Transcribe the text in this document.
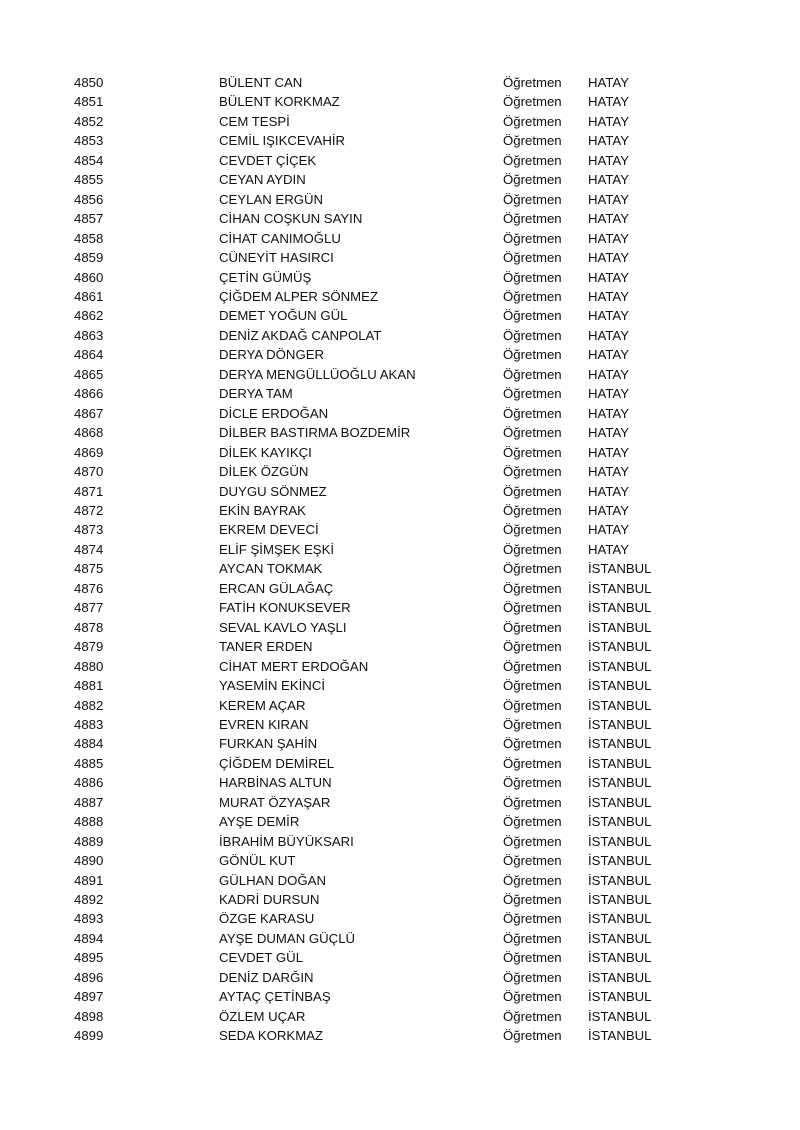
4850	BÜLENT CAN	Öğretmen	HATAY
4851	BÜLENT KORKMAZ	Öğretmen	HATAY
4852	CEM TESPİ	Öğretmen	HATAY
4853	CEMİL IŞIKCEVAHİR	Öğretmen	HATAY
4854	CEVDET ÇİÇEK	Öğretmen	HATAY
4855	CEYAN AYDIN	Öğretmen	HATAY
4856	CEYLAN ERGÜN	Öğretmen	HATAY
4857	CİHAN COŞKUN SAYIN	Öğretmen	HATAY
4858	CİHAT CANIMOĞLU	Öğretmen	HATAY
4859	CÜNEYİT HASIRCI	Öğretmen	HATAY
4860	ÇETİN GÜMÜŞ	Öğretmen	HATAY
4861	ÇİĞDEM ALPER SÖNMEZ	Öğretmen	HATAY
4862	DEMET YOĞUN GÜL	Öğretmen	HATAY
4863	DENİZ AKDAĞ CANPOLAT	Öğretmen	HATAY
4864	DERYA DÖNGER	Öğretmen	HATAY
4865	DERYA MENGÜLLÜOĞLU AKAN	Öğretmen	HATAY
4866	DERYA TAM	Öğretmen	HATAY
4867	DİCLE ERDOĞAN	Öğretmen	HATAY
4868	DİLBER BASTIRMA BOZDEMİR	Öğretmen	HATAY
4869	DİLEK KAYIKÇI	Öğretmen	HATAY
4870	DİLEK ÖZGÜN	Öğretmen	HATAY
4871	DUYGU SÖNMEZ	Öğretmen	HATAY
4872	EKİN BAYRAK	Öğretmen	HATAY
4873	EKREM DEVECİ	Öğretmen	HATAY
4874	ELİF ŞİMŞEK EŞKİ	Öğretmen	HATAY
4875	AYCAN TOKMAK	Öğretmen	İSTANBUL
4876	ERCAN GÜLAĞAÇ	Öğretmen	İSTANBUL
4877	FATİH KONUKSEVER	Öğretmen	İSTANBUL
4878	SEVAL KAVLO YAŞLI	Öğretmen	İSTANBUL
4879	TANER ERDEN	Öğretmen	İSTANBUL
4880	CİHAT MERT ERDOĞAN	Öğretmen	İSTANBUL
4881	YASEMİN EKİNCİ	Öğretmen	İSTANBUL
4882	KEREM AÇAR	Öğretmen	İSTANBUL
4883	EVREN KIRAN	Öğretmen	İSTANBUL
4884	FURKAN ŞAHİN	Öğretmen	İSTANBUL
4885	ÇİĞDEM DEMİREL	Öğretmen	İSTANBUL
4886	HARBİNAS ALTUN	Öğretmen	İSTANBUL
4887	MURAT ÖZYAŞAR	Öğretmen	İSTANBUL
4888	AYŞE DEMİR	Öğretmen	İSTANBUL
4889	İBRAHİM BÜYÜKSARI	Öğretmen	İSTANBUL
4890	GÖNÜL KUT	Öğretmen	İSTANBUL
4891	GÜLHAN DOĞAN	Öğretmen	İSTANBUL
4892	KADRİ DURSUN	Öğretmen	İSTANBUL
4893	ÖZGE KARASU	Öğretmen	İSTANBUL
4894	AYŞE DUMAN GÜÇLÜ	Öğretmen	İSTANBUL
4895	CEVDET GÜL	Öğretmen	İSTANBUL
4896	DENİZ DARĞIN	Öğretmen	İSTANBUL
4897	AYTAÇ ÇETİNBAŞ	Öğretmen	İSTANBUL
4898	ÖZLEM UÇAR	Öğretmen	İSTANBUL
4899	SEDA KORKMAZ	Öğretmen	İSTANBUL
